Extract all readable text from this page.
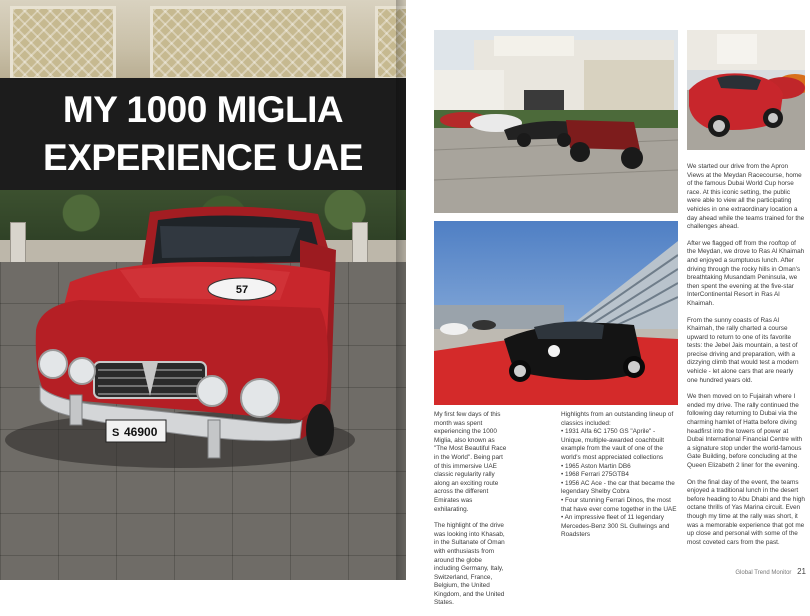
MY 1000 MIGLIA
EXPERIENCE UAE
57
S 46900

My first few days of this month was spent experiencing the 1000 Miglia, also known as "The Most Beautiful Race in the World". Being part of this immersive UAE classic regularity rally along an exciting route across the different Emirates was exhilarating.

The highlight of the drive was looking into Khasab, in the Sultanate of Oman with enthusiasts from around the globe including Germany, Italy, Switzerland, France, Belgium, the United Kingdom, and the United States.

Highlights from an outstanding lineup of classics included:
• 1931 Alfa 6C 1750 GS "Aprile" - Unique, multiple-awarded coachbuilt example from the vault of one of the world's most appreciated collections
• 1965 Aston Martin DB6
• 1968 Ferrari 275GTB4
• 1956 AC Ace - the car that became the legendary Shelby Cobra
• Four stunning Ferrari Dinos, the most that have ever come together in the UAE
• An impressive fleet of 11 legendary Mercedes-Benz 300 SL Gullwings and Roadsters

We started our drive from the Apron Views at the Meydan Racecourse, home of the famous Dubai World Cup horse race. At this iconic setting, the public were able to view all the participating vehicles in one extraordinary location a day ahead while the teams trained for the challenges ahead.

After we flagged off from the rooftop of the Meydan, we drove to Ras Al Khaimah and enjoyed a sumptuous lunch. After driving through the rocky hills in Oman's breathtaking Musandam Peninsula, we then spent the evening at the five-star InterContinental Resort in Ras Al Khaimah.

From the sunny coasts of Ras Al Khaimah, the rally charted a course upward to return to one of its favorite tests: the Jebel Jais mountain, a test of precise driving and preparation, with a dizzying climb that would test a modern vehicle - let alone cars that are nearly one hundred years old.

We then moved on to Fujairah where I ended my drive. The rally continued the following day returning to Dubai via the charming hamlet of Hatta before diving headfirst into the towers of power at Dubai International Financial Centre with a signature stop under the world-famous Gate Building, before concluding at the Queen Elizabeth 2 liner for the evening.

On the final day of the event, the teams enjoyed a traditional lunch in the desert before heading to Abu Dhabi and the high octane thrills of Yas Marina circuit. Even though my time at the rally was short, it was a memorable experience that got me up close and personal with some of the most coveted cars from the past.

Global Trend Monitor 21
